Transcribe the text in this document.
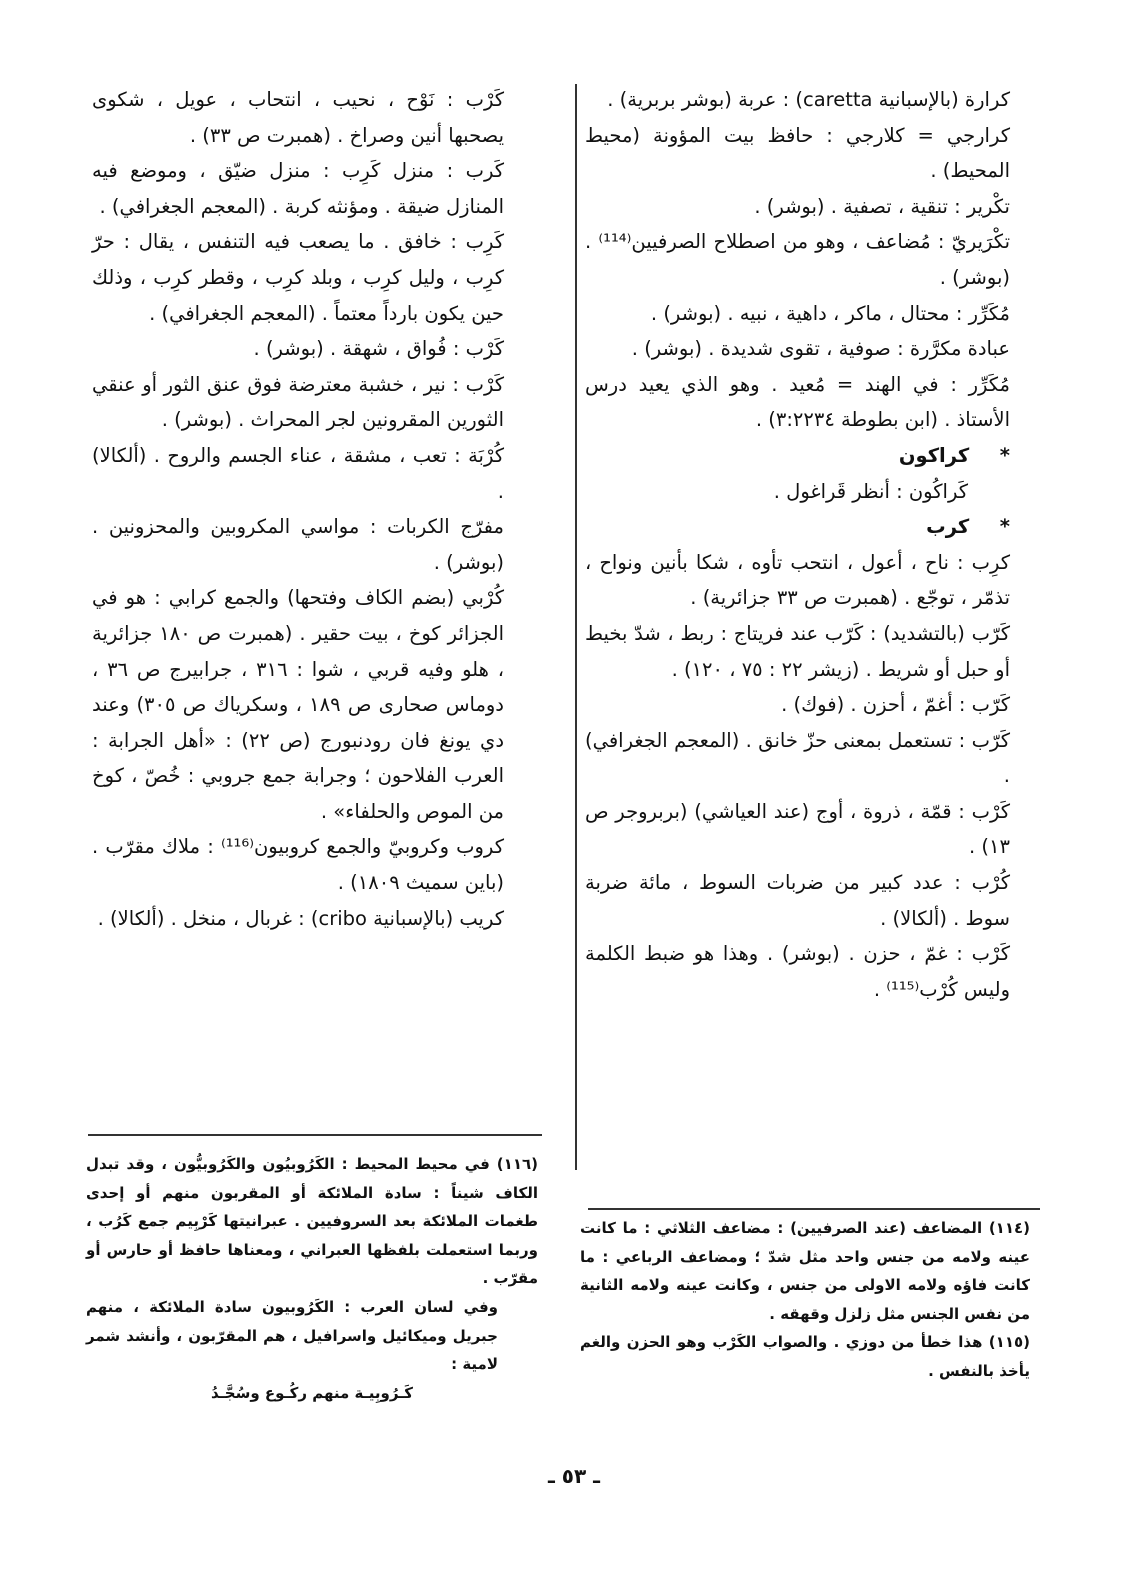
كرارة (بالإسبانية caretta) : عربة (بوشر بربرية) .

كرارجي = كلارجي : حافظ بيت المؤونة (محيط المحيط) .

تكْرير : تنقية ، تصفية . (بوشر) .

تكْرَيريّ : مُضاعف ، وهو من اصطلاح الصرفيين⁽¹¹⁴⁾ . (بوشر) .

مُكَرِّر : محتال ، ماكر ، داهية ، نبيه . (بوشر) .

عبادة مكرَّرة : صوفية ، تقوى شديدة . (بوشر) .

مُكَرِّر : في الهند = مُعيد . وهو الذي يعيد درس الأستاذ . (ابن بطوطة ٣:٢٢٣٤) .

* كراكون

كَراكُون : أنظر قَراغول .

* كرب

كرِب : ناح ، أعول ، انتحب تأوه ، شكا بأنين ونواح ، تذمّر ، توجّع . (همبرت ص ٣٣ جزائرية) .

كَرّب (بالتشديد) : كَرّب عند فريتاج : ربط ، شدّ بخيط أو حبل أو شريط . (زيشر ٢٢ : ٧٥ ، ١٢٠) .

كَرّب : أغمّ ، أحزن . (فوك) .

كَرّب : تستعمل بمعنى حزّ خانق . (المعجم الجغرافي) .

كَرْب : قمّة ، ذروة ، أوج (عند العياشي) (بربروجر ص ١٣) .

كُرْب : عدد كبير من ضربات السوط ، مائة ضربة سوط . (ألكالا) .

كَرْب : غمّ ، حزن . (بوشر) . وهذا هو ضبط الكلمة وليس كُرْب⁽¹¹⁵⁾ .

كَرْب : نَوْح ، نحيب ، انتحاب ، عويل ، شكوى يصحبها أنين وصراخ . (همبرت ص ٣٣) .

كَرب : منزل كَرِب : منزل ضيّق ، وموضع فيه المنازل ضيقة . ومؤنثه كربة . (المعجم الجغرافي) .

كَرِب : خافق . ما يصعب فيه التنفس ، يقال : حرّ كرِب ، وليل كرِب ، وبلد كرِب ، وقطر كرِب ، وذلك حين يكون بارداً معتماً . (المعجم الجغرافي) .

كَرْب : فُواق ، شهقة . (بوشر) .

كَرْب : نير ، خشبة معترضة فوق عنق الثور أو عنقي الثورين المقرونين لجر المحراث . (بوشر) .

كُرْبَة : تعب ، مشقة ، عناء الجسم والروح . (ألكالا) .

مفرّج الكربات : مواسي المكروبين والمحزونين . (بوشر) .

كُرْبي (بضم الكاف وفتحها) والجمع كرابي : هو في الجزائر كوخ ، بيت حقير . (همبرت ص ١٨٠ جزائرية ، هلو وفيه قربي ، شوا : ٣١٦ ، جرابيرج ص ٣٦ ، دوماس صحارى ص ١٨٩ ، وسكرياك ص ٣٠٥) وعند دي يونغ فان رودنبورج (ص ٢٢) : «أهل الجرابة : العرب الفلاحون ؛ وجرابة جمع جروبي : خُصّ ، كوخ من الموص والحلفاء» .

كروب وكروبيّ والجمع كروبيون⁽¹¹⁶⁾ : ملاك مقرّب . (باين سميث ١٨٠٩) .

كريب (بالإسبانية cribo) : غربال ، منخل . (ألكالا) .

(١١٤) المضاعف (عند الصرفيين) : مضاعف الثلاثي : ما كانت عينه ولامه من جنس واحد مثل شدّ ؛ ومضاعف الرباعي : ما كانت فاؤه ولامه الاولى من جنس ، وكانت عينه ولامه الثانية من نفس الجنس مثل زلزل وقهقه .

(١١٥) هذا خطأ من دوزي . والصواب الكَرْب وهو الحزن والغم يأخذ بالنفس .

(١١٦) في محيط المحيط : الكَرُوبيُون والكَرُوبيُّون ، وقد تبدل الكاف شيناً : سادة الملائكة أو المقربون منهم أو إحدى طغمات الملائكة بعد السروفيين . عبرانيتها كَرْبِيم جمع كَرُب ، وربما استعملت بلفظها العبراني ، ومعناها حافظ أو حارس أو مقرّب .

وفي لسان العرب : الكَرُوبيون سادة الملائكة ، منهم جبريل وميكائيل واسرافيل ، هم المقرّبون ، وأنشد شمر لامية :

كَـرُوبِيـة منهم ركُـوع وسُجَّـدُ

ـ ٥٣ ـ
